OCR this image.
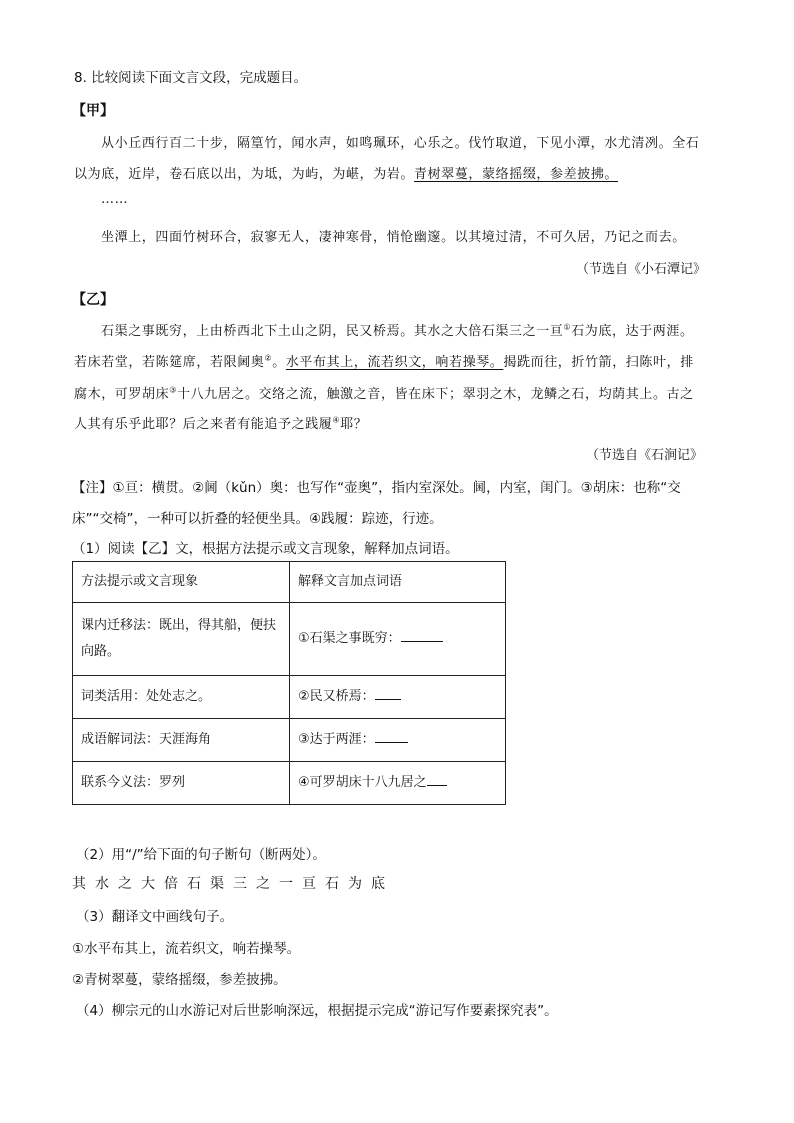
8. 比较阅读下面文言文段，完成题目。
【甲】
从小丘西行百二十步，隔篁竹，闻水声，如鸣珮环，心乐之。伐竹取道，下见小潭，水尤清冽。全石
以为底，近岸，卷石底以出，为坻，为屿，为嵁，为岩。青树翠蔓，蒙络摇缀，参差披拂。
……
坐潭上，四面竹树环合，寂寥无人，凄神寒骨，悄怆幽邃。以其境过清，不可久居，乃记之而去。
（节选自《小石潭记》
【乙】
石渠之事既穷，上由桥西北下土山之阴，民又桥焉。其水之大倍石渠三之一亘①石为底，达于两涯。
若床若堂，若陈筵席，若限阃奥②。水平布其上，流若织文，响若操琴。揭跣而往，折竹箭，扫陈叶，排
腐木，可罗胡床③十八九居之。交络之流，触激之音，皆在床下；翠羽之木，龙鳞之石，均荫其上。古之
人其有乐乎此耶？后之来者有能追予之践履④耶？
（节选自《石涧记》
【注】①亘：横贯。②阃（kǔn）奥：也写作“壶奥”，指内室深处。阃，内室，闺门。③胡床：也称“交
床”“交椅”，一种可以折叠的轻便坐具。④践履：踪迹，行迹。
（1）阅读【乙】文，根据方法提示或文言现象，解释加点词语。
方法提示或文言现象	解释文言加点词语
课内迁移法：既出，得其船，便扶向路。	①石渠之事既穷：
词类活用：处处志之。	②民又桥焉：
成语解词法：天涯海角	③达于两涯：
联系今义法：罗列	④可罗胡床十八九居之
（2）用“/”给下面的句子断句（断两处）。
其水之大倍石渠三之一亘石为底
（3）翻译文中画线句子。
①水平布其上，流若织文，响若操琴。
②青树翠蔓，蒙络摇缀，参差披拂。
（4）柳宗元的山水游记对后世影响深远，根据提示完成“游记写作要素探究表”。
